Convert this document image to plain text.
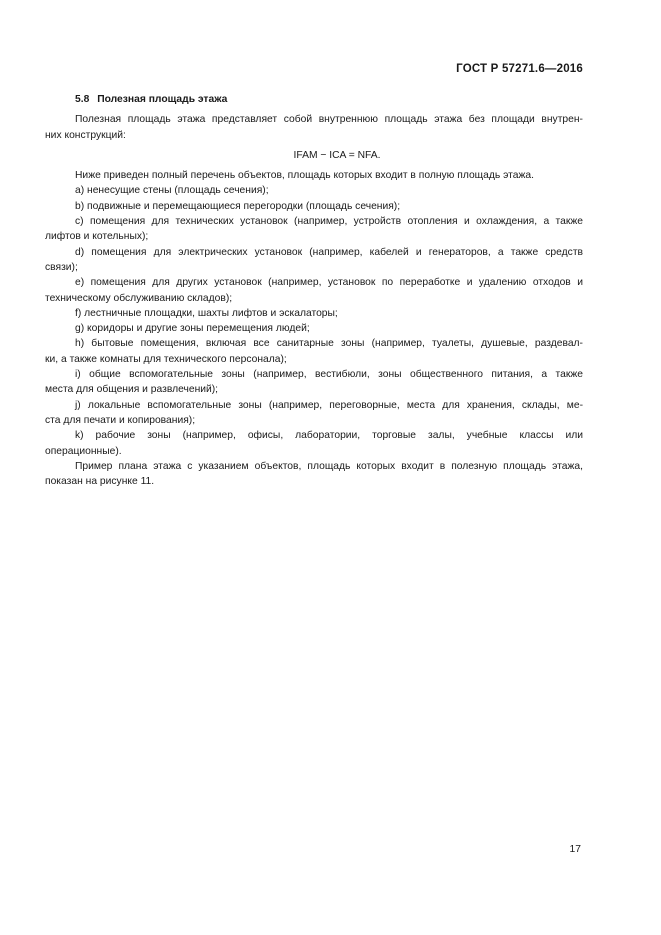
ГОСТ Р 57271.6—2016
5.8 Полезная площадь этажа
Полезная площадь этажа представляет собой внутреннюю площадь этажа без площади внутрен-
них конструкций:
IFAM − ICA = NFA.
Ниже приведен полный перечень объектов, площадь которых входит в полную площадь этажа.
a) ненесущие стены (площадь сечения);
b) подвижные и перемещающиеся перегородки (площадь сечения);
c) помещения для технических установок (например, устройств отопления и охлаждения, а также
лифтов и котельных);
d) помещения для электрических установок (например, кабелей и генераторов, а также средств
связи);
e) помещения для других установок (например, установок по переработке и удалению отходов и
техническому обслуживанию складов);
f) лестничные площадки, шахты лифтов и эскалаторы;
g) коридоры и другие зоны перемещения людей;
h) бытовые помещения, включая все санитарные зоны (например, туалеты, душевые, раздевал-
ки, а также комнаты для технического персонала);
i) общие вспомогательные зоны (например, вестибюли, зоны общественного питания, а также
места для общения и развлечений);
j) локальные вспомогательные зоны (например, переговорные, места для хранения, склады, ме-
ста для печати и копирования);
k) рабочие зоны (например, офисы, лаборатории, торговые залы, учебные классы или
операционные).
Пример плана этажа с указанием объектов, площадь которых входит в полезную площадь этажа,
показан на рисунке 11.
17
